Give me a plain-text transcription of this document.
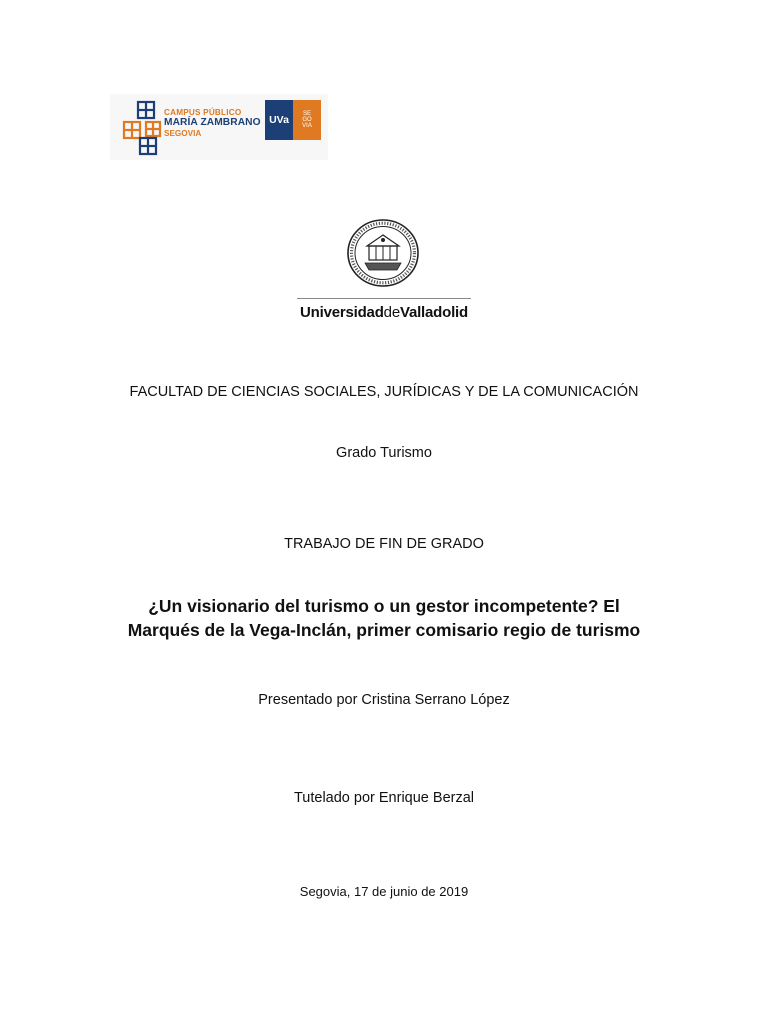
CAMPUS PÚBLICO
MARÍA ZAMBRANO
SEGOVIA
UVa
SE
GO
VIA
UniversidaddeValladolid
FACULTAD DE CIENCIAS SOCIALES, JURÍDICAS Y DE LA COMUNICACIÓN
Grado Turismo
TRABAJO DE FIN DE GRADO
¿Un visionario del turismo o un gestor incompetente? El
Marqués de la Vega-Inclán, primer comisario regio de turismo
Presentado por Cristina Serrano López
Tutelado por Enrique Berzal
Segovia, 17 de junio de 2019
